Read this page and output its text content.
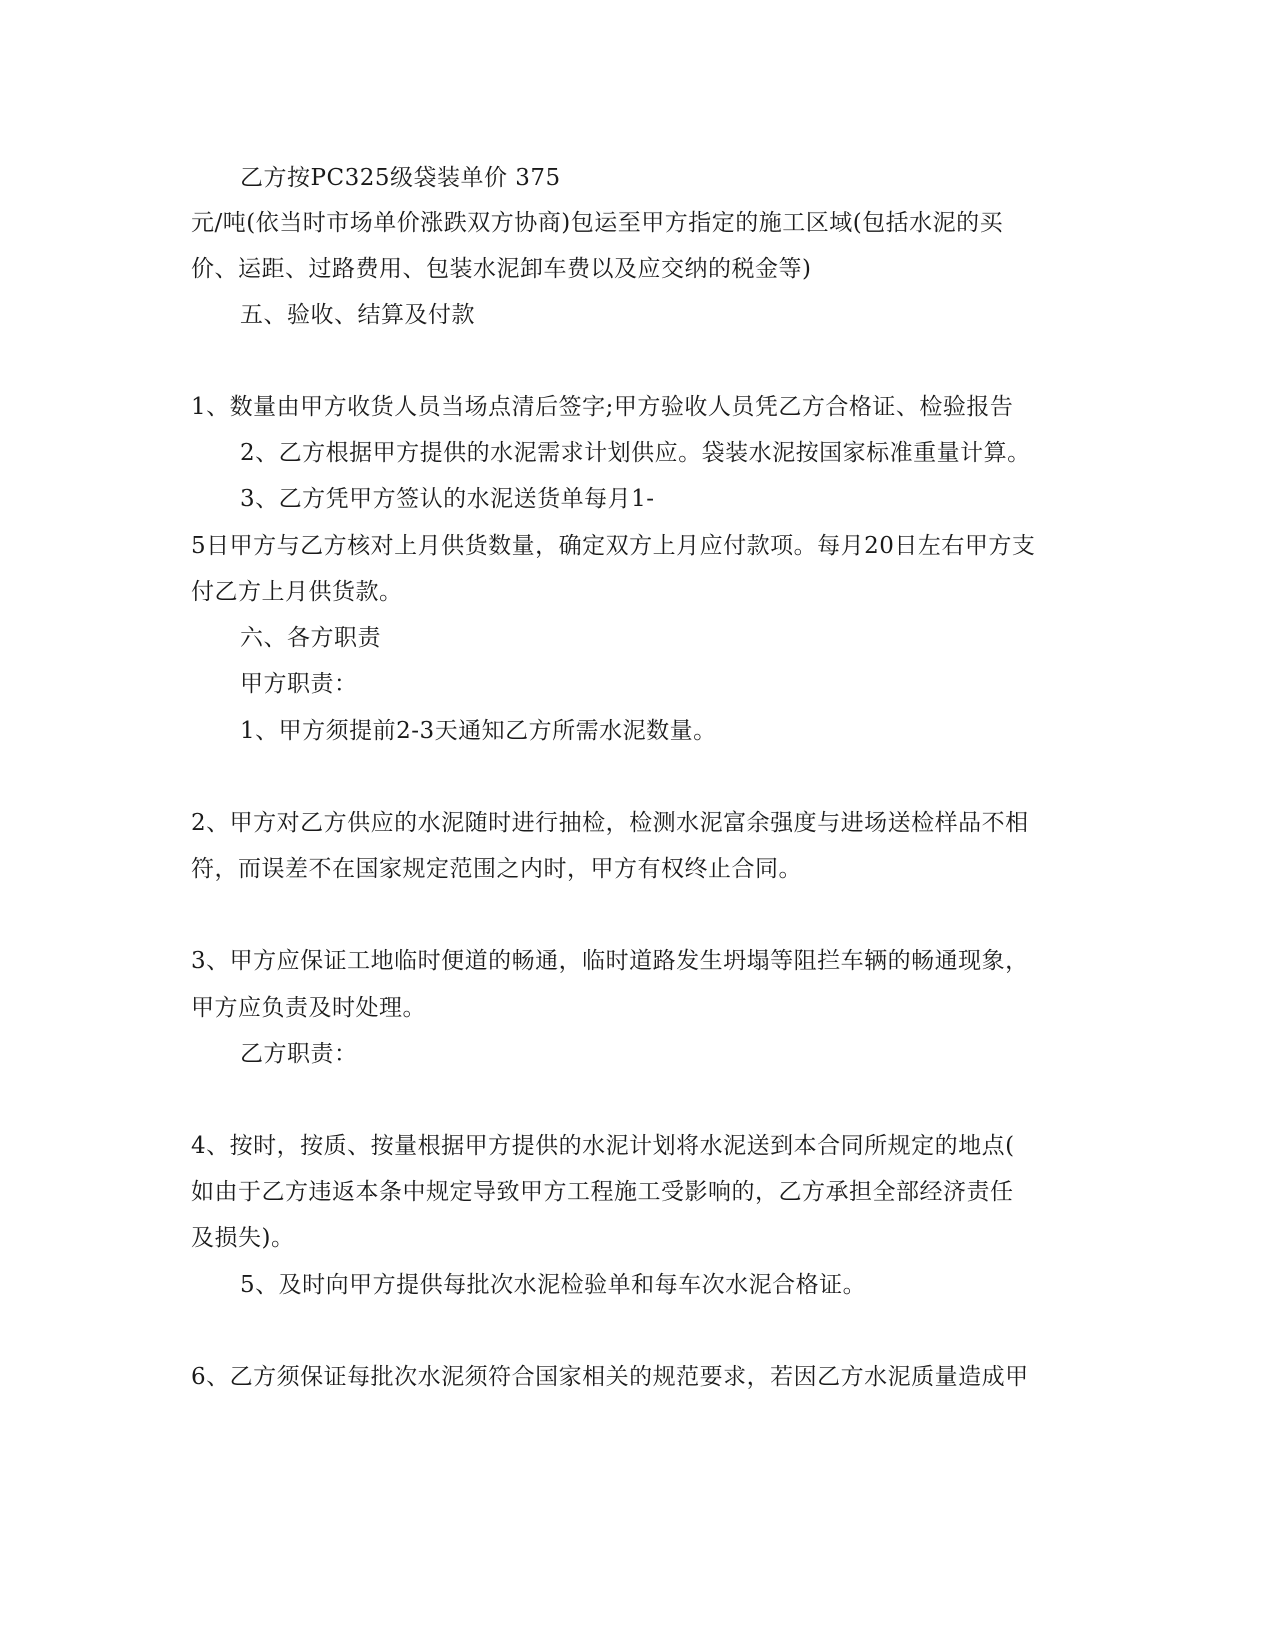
乙方按PC325级袋装单价 375
元/吨(依当时市场单价涨跌双方协商)包运至甲方指定的施工区域(包括水泥的买
价、运距、过路费用、包装水泥卸车费以及应交纳的税金等)
五、验收、结算及付款
1、数量由甲方收货人员当场点清后签字;甲方验收人员凭乙方合格证、检验报告
2、乙方根据甲方提供的水泥需求计划供应。袋装水泥按国家标准重量计算。
3、乙方凭甲方签认的水泥送货单每月1-
5日甲方与乙方核对上月供货数量，确定双方上月应付款项。每月20日左右甲方支
付乙方上月供货款。
六、各方职责
甲方职责：
1、甲方须提前2-3天通知乙方所需水泥数量。
2、甲方对乙方供应的水泥随时进行抽检，检测水泥富余强度与进场送检样品不相
符，而误差不在国家规定范围之内时，甲方有权终止合同。
3、甲方应保证工地临时便道的畅通，临时道路发生坍塌等阻拦车辆的畅通现象，
甲方应负责及时处理。
乙方职责：
4、按时，按质、按量根据甲方提供的水泥计划将水泥送到本合同所规定的地点(
如由于乙方违返本条中规定导致甲方工程施工受影响的，乙方承担全部经济责任
及损失)。
5、及时向甲方提供每批次水泥检验单和每车次水泥合格证。
6、乙方须保证每批次水泥须符合国家相关的规范要求，若因乙方水泥质量造成甲
